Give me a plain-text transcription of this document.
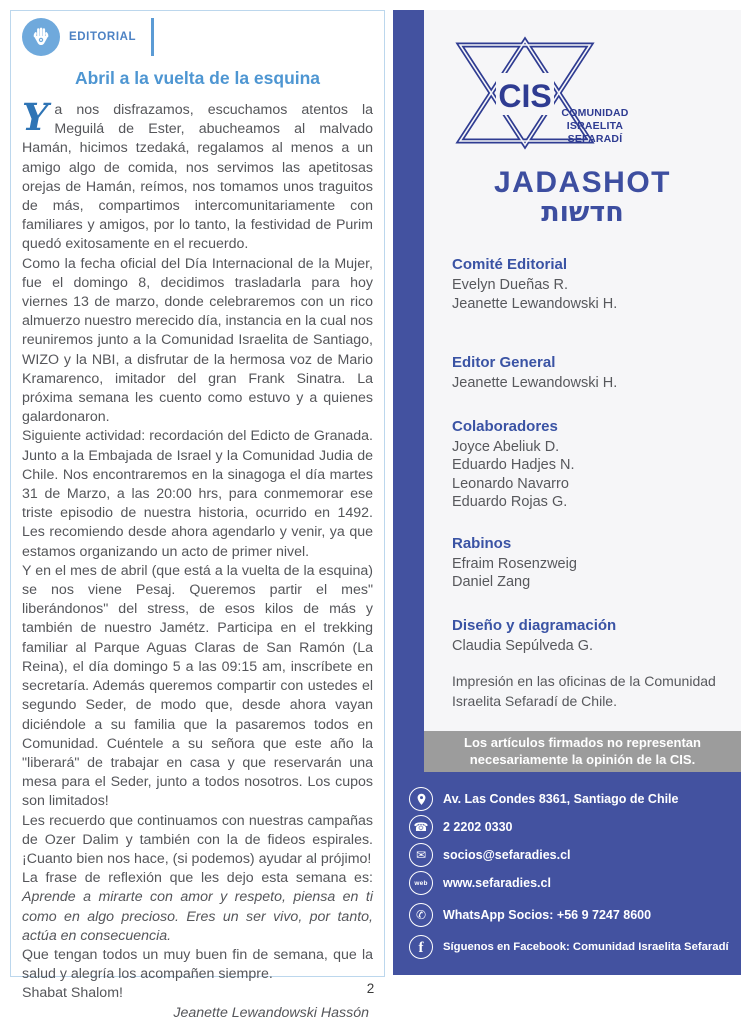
EDITORIAL
Abril a la vuelta de la esquina

Ya nos disfrazamos, escuchamos atentos la Meguilá de Ester, abucheamos al malvado Hamán, hicimos tzedaká, regalamos al menos a un amigo algo de comida, nos servimos las apetitosas orejas de Hamán, reímos, nos tomamos unos traguitos de más, compartimos intercomunitariamente con familiares y amigos, por lo tanto, la festividad de Purim quedó exitosamente en el recuerdo.

Como la fecha oficial del Día Internacional de la Mujer, fue el domingo 8, decidimos trasladarla para hoy viernes 13 de marzo, donde celebraremos con un rico almuerzo nuestro merecido día, instancia en la cual nos reuniremos junto a la Comunidad Israelita de Santiago, WIZO y la NBI, a disfrutar de la hermosa voz de Mario Kramarenco, imitador del gran Frank Sinatra. La próxima semana les cuento como estuvo y a quienes galardonaron.

Siguiente actividad: recordación del Edicto de Granada. Junto a la Embajada de Israel y la Comunidad Judia de Chile. Nos encontraremos en la sinagoga el día martes 31 de Marzo, a las 20:00 hrs, para conmemorar ese triste episodio de nuestra historia, ocurrido en 1492. Les recomiendo desde ahora agendarlo y venir, ya que estamos organizando un acto de primer nivel.

Y en el mes de abril (que está a la vuelta de la esquina) se nos viene Pesaj. Queremos partir el mes" liberándonos" del stress, de esos kilos de más y también de nuestro Jamétz. Participa en el trekking familiar al Parque Aguas Claras de San Ramón (La Reina), el día domingo 5 a las 09:15 am, inscríbete en secretaría. Además queremos compartir con ustedes el segundo Seder, de modo que, desde ahora vayan diciéndole a su familia que la pasaremos todos en Comunidad. Cuéntele a su señora que este año la "liberará" de trabajar en casa y que reservarán una mesa para el Seder, junto a todos nosotros. Los cupos son limitados!

Les recuerdo que continuamos con nuestras campañas de Ozer Dalim y también con la de fideos espirales. ¡Cuanto bien nos hace, (si podemos) ayudar al prójimo!

La frase de reflexión que les dejo esta semana es: Aprende a mirarte con amor y respeto, piensa en ti como en algo precioso. Eres un ser vivo, por tanto, actúa en consecuencia.

Que tengan todos un muy buen fin de semana, que la salud y alegría los acompañen siempre.

Shabat Shalom!

Jeanette Lewandowski Hassón
CIS COMUNIDAD
ISRAELITA
SEFARADÍ
JADASHOT
חדשות
Comité Editorial
Evelyn Dueñas R.
Jeanette Lewandowski H.
Editor General
Jeanette Lewandowski H.
Colaboradores
Joyce Abeliuk D.
Eduardo Hadjes N.
Leonardo Navarro
Eduardo Rojas G.
Rabinos
Efraim Rosenzweig
Daniel Zang
Diseño y diagramación
Claudia Sepúlveda G.
Impresión en las oficinas de la Comunidad Israelita Sefaradí de Chile.
Los artículos firmados no representan necesariamente la opinión de la CIS.
Av. Las Condes 8361, Santiago de Chile
☎ 2 2202 0330
✉ socios@sefaradies.cl
web www.sefaradies.cl
✆ WhatsApp Socios: +56 9 7247 8600
f Síguenos en Facebook: Comunidad Israelita Sefaradí
2
